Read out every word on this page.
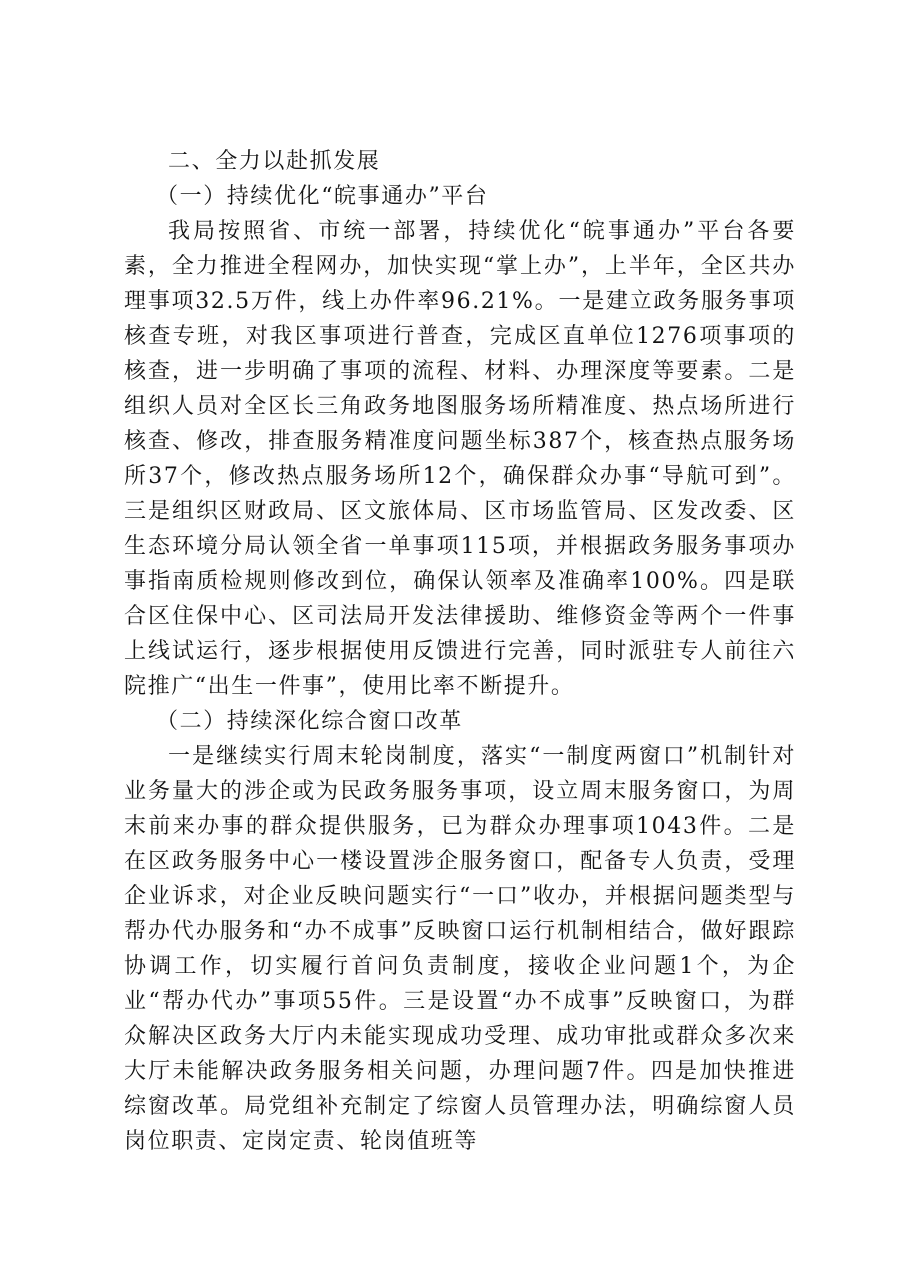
二、全力以赴抓发展
（一）持续优化“皖事通办”平台

我局按照省、市统一部署，持续优化“皖事通办”平台各要素，全力推进全程网办，加快实现“掌上办”，上半年，全区共办理事项32.5万件，线上办件率96.21%。一是建立政务服务事项核查专班，对我区事项进行普查，完成区直单位1276项事项的核查，进一步明确了事项的流程、材料、办理深度等要素。二是组织人员对全区长三角政务地图服务场所精准度、热点场所进行核查、修改，排查服务精准度问题坐标387个，核查热点服务场所37个，修改热点服务场所12个，确保群众办事“导航可到”。三是组织区财政局、区文旅体局、区市场监管局、区发改委、区生态环境分局认领全省一单事项115项，并根据政务服务事项办事指南质检规则修改到位，确保认领率及准确率100%。四是联合区住保中心、区司法局开发法律援助、维修资金等两个一件事上线试运行，逐步根据使用反馈进行完善，同时派驻专人前往六院推广“出生一件事”，使用比率不断提升。

（二）持续深化综合窗口改革

一是继续实行周末轮岗制度，落实“一制度两窗口”机制针对业务量大的涉企或为民政务服务事项，设立周末服务窗口，为周末前来办事的群众提供服务，已为群众办理事项1043件。二是在区政务服务中心一楼设置涉企服务窗口，配备专人负责，受理企业诉求，对企业反映问题实行“一口”收办，并根据问题类型与帮办代办服务和“办不成事”反映窗口运行机制相结合，做好跟踪协调工作，切实履行首问负责制度，接收企业问题1个，为企业“帮办代办”事项55件。三是设置“办不成事”反映窗口，为群众解决区政务大厅内未能实现成功受理、成功审批或群众多次来大厅未能解决政务服务相关问题，办理问题7件。四是加快推进综窗改革。局党组补充制定了综窗人员管理办法，明确综窗人员岗位职责、定岗定责、轮岗值班等
